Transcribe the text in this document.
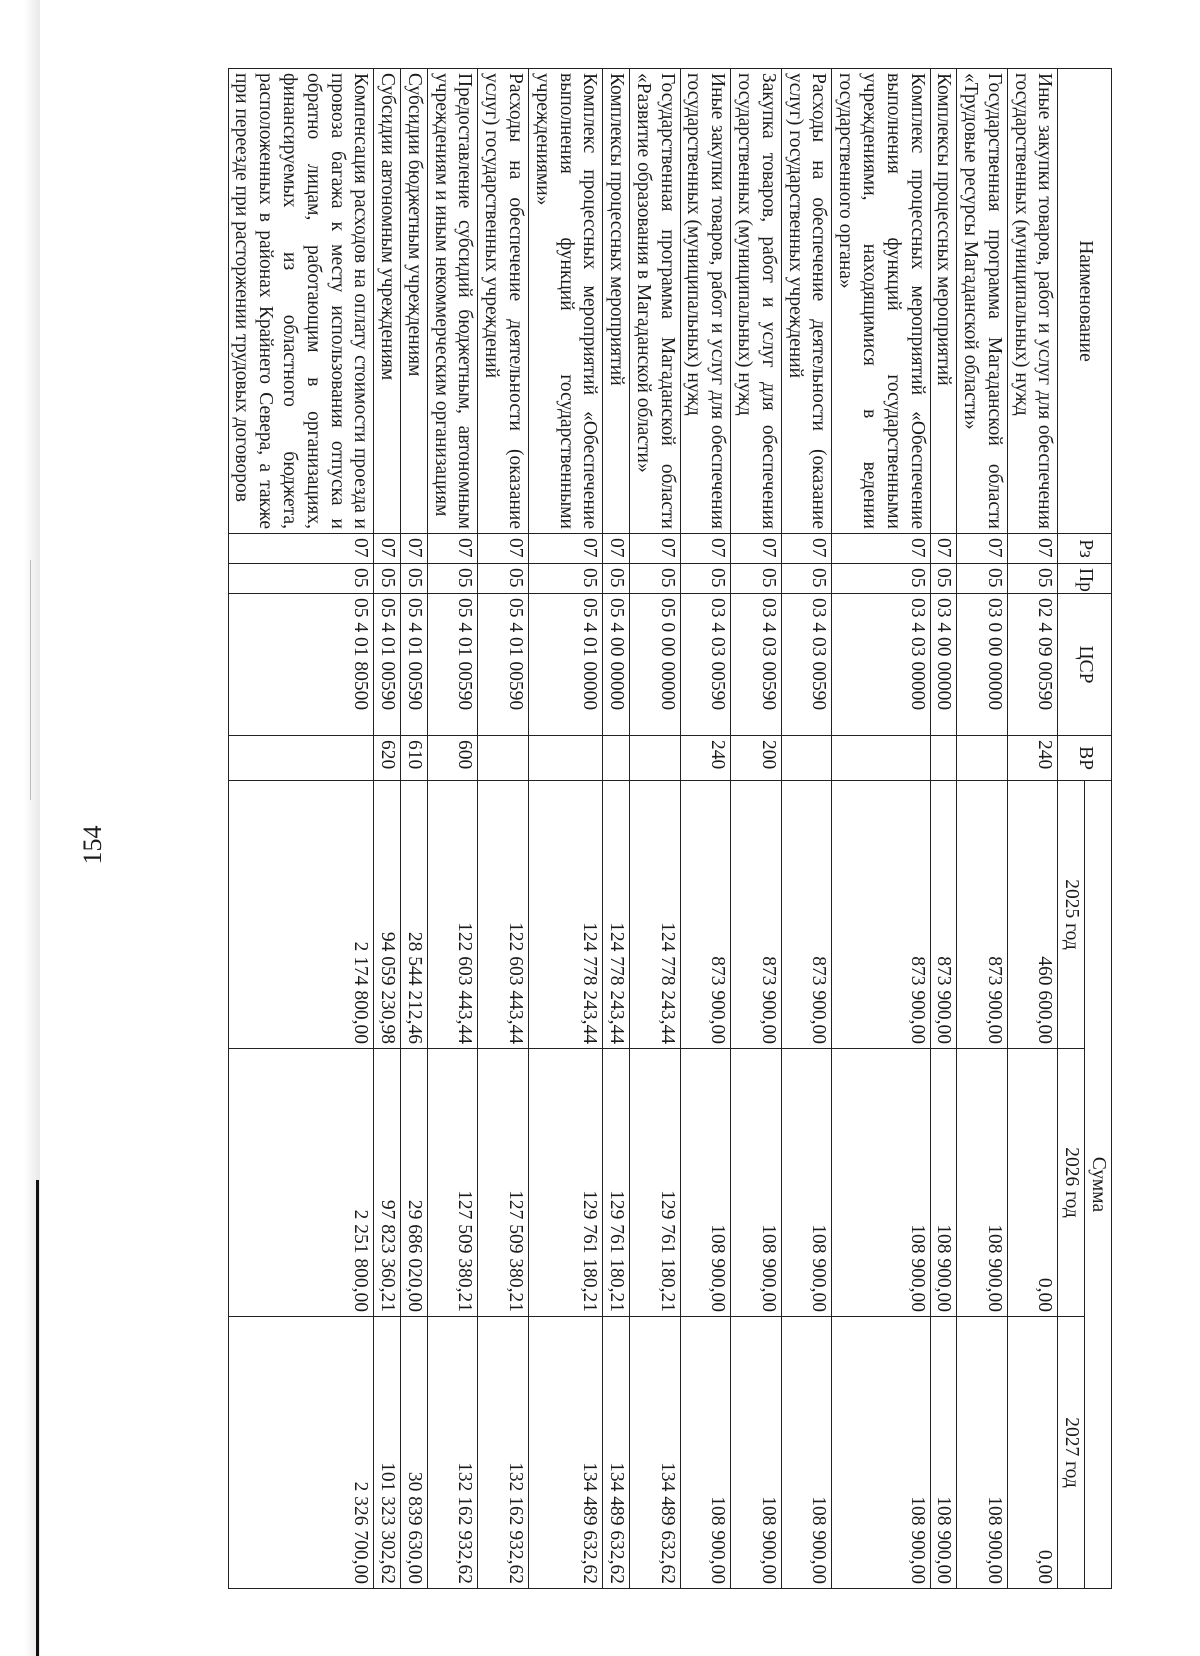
154
Наименование	Рз	Пр	ЦСР	ВР	Сумма		
					2025 год	2026 год	2027 год
Иные закупки товаров, работ и услуг для обеспечения государственных (муниципальных) нужд	07	05	02 4 09 00590	240	460 600,00	0,00	0,00
Государственная программа Магаданской области «Трудовые ресурсы Магаданской области»	07	05	03 0 00 00000		873 900,00	108 900,00	108 900,00
Комплексы процессных мероприятий	07	05	03 4 00 00000		873 900,00	108 900,00	108 900,00
Комплекс процессных мероприятий «Обеспечение выполнения функций государственными учреждениями, находящимися в ведении государственного органа»	07	05	03 4 03 00000		873 900,00	108 900,00	108 900,00
Расходы на обеспечение деятельности (оказание услуг) государственных учреждений	07	05	03 4 03 00590		873 900,00	108 900,00	108 900,00
Закупка товаров, работ и услуг для обеспечения государственных (муниципальных) нужд	07	05	03 4 03 00590	200	873 900,00	108 900,00	108 900,00
Иные закупки товаров, работ и услуг для обеспечения государственных (муниципальных) нужд	07	05	03 4 03 00590	240	873 900,00	108 900,00	108 900,00
Государственная программа Магаданской области «Развитие образования в Магаданской области»	07	05	05 0 00 00000		124 778 243,44	129 761 180,21	134 489 632,62
Комплексы процессных мероприятий	07	05	05 4 00 00000		124 778 243,44	129 761 180,21	134 489 632,62
Комплекс процессных мероприятий «Обеспечение выполнения функций государственными учреждениями»	07	05	05 4 01 00000		124 778 243,44	129 761 180,21	134 489 632,62
Расходы на обеспечение деятельности (оказание услуг) государственных учреждений	07	05	05 4 01 00590		122 603 443,44	127 509 380,21	132 162 932,62
Предоставление субсидий бюджетным, автономным учреждениям и иным некоммерческим организациям	07	05	05 4 01 00590	600	122 603 443,44	127 509 380,21	132 162 932,62
Субсидии бюджетным учреждениям	07	05	05 4 01 00590	610	28 544 212,46	29 686 020,00	30 839 630,00
Субсидии автономным учреждениям	07	05	05 4 01 00590	620	94 059 230,98	97 823 360,21	101 323 302,62
Компенсация расходов на оплату стоимости проезда и провоза багажа к месту использования отпуска и обратно лицам, работающим в организациях, финансируемых из областного бюджета, расположенных в районах Крайнего Севера, а также при переезде при расторжении трудовых договоров	07	05	05 4 01 80500		2 174 800,00	2 251 800,00	2 326 700,00
